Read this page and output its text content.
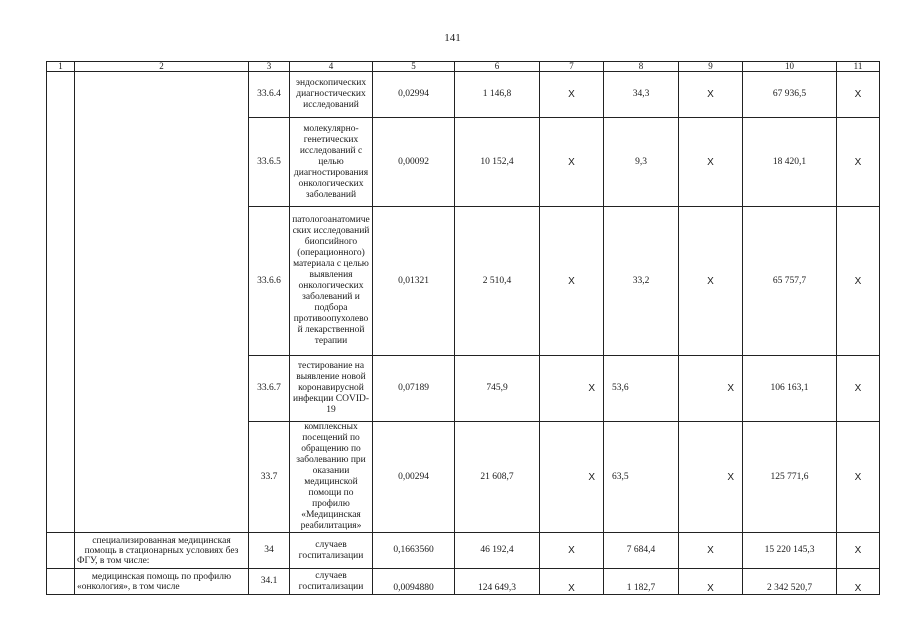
141
1	2	3	4	5	6	7	8	9	10	11
		33.6.4	эндоскопических диагностических исследований	0,02994	1 146,8	X	34,3	X	67 936,5	X
		33.6.5	молекулярно-генетических исследований с целью диагностирования онкологических заболеваний	0,00092	10 152,4	X	9,3	X	18 420,1	X
		33.6.6	патологоанатомических исследований биопсийного (операционного) материала с целью выявления онкологических заболеваний и подбора противоопухолевой лекарственной терапии	0,01321	2 510,4	X	33,2	X	65 757,7	X
		33.6.7	тестирование на выявление новой коронавирусной инфекции COVID-19	0,07189	745,9	X	53,6	X	106 163,1	X
		33.7	комплексных посещений по обращению по заболеванию при оказании медицинской помощи по профилю «Медицинская реабилитация»	0,00294	21 608,7	X	63,5	X	125 771,6	X
	специализированная медицинская помощь в стационарных условиях без ФГУ, в том числе:	34	случаев госпитализации	0,1663560	46 192,4	X	7 684,4	X	15 220 145,3	X
	медицинская помощь по профилю «онкология», в том числе	34.1	случаев госпитализации	0,0094880	124 649,3	X	1 182,7	X	2 342 520,7	X
